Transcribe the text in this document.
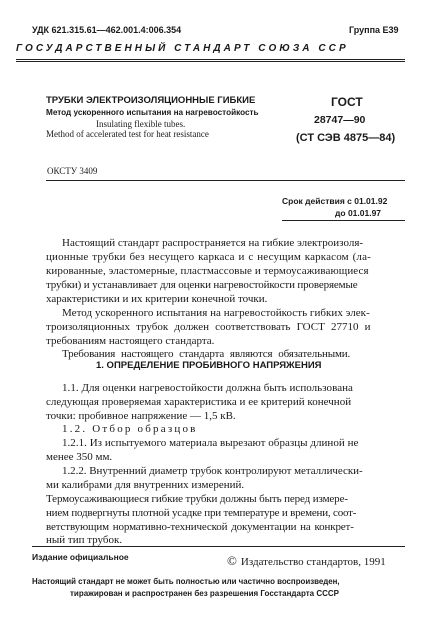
УДК 621.315.61—462.001.4:006.354	Группа Е39
ГОСУДАРСТВЕННЫЙ СТАНДАРТ СОЮЗА ССР
ТРУБКИ ЭЛЕКТРОИЗОЛЯЦИОННЫЕ ГИБКИЕ
Метод ускоренного испытания на нагревостойкость
Insulating flexible tubes.
Method of accelerated test for heat resistance
ГОСТ
28747—90
(СТ СЭВ 4875—84)
ОКСТУ 3409
Срок действия с 01.01.92
до 01.01.97
Настоящий стандарт распространяется на гибкие электроизоля-
ционные трубки без несущего каркаса и с несущим каркасом (ла-
кированные, эластомерные, пластмассовые и термоусаживающиеся
трубки) и устанавливает для оценки нагревостойкости проверяемые
характеристики и их критерии конечной точки.
Метод ускоренного испытания на нагревостойкость гибких элек-
троизоляционных трубок должен соответствовать ГОСТ 27710 и
требованиям настоящего стандарта.
Требования настоящего стандарта являются обязательными.
1. ОПРЕДЕЛЕНИЕ ПРОБИВНОГО НАПРЯЖЕНИЯ
1.1. Для оценки нагревостойкости должна быть использована
следующая проверяемая характеристика и ее критерий конечной
точки: пробивное напряжение — 1,5 кВ.
1.2. Отбор образцов
1.2.1. Из испытуемого материала вырезают образцы длиной не
менее 350 мм.
1.2.2. Внутренний диаметр трубок контролируют металлически-
ми калибрами для внутренних измерений.
Термоусаживающиеся гибкие трубки должны быть перед измере-
нием подвергнуты плотной усадке при температуре и времени, соот-
ветствующим нормативно-технической документации на конкрет-
ный тип трубок.
Издание официальное	© Издательство стандартов, 1991
Настоящий стандарт не может быть полностью или частично воспроизведен,
тиражирован и распространен без разрешения Госстандарта СССР
